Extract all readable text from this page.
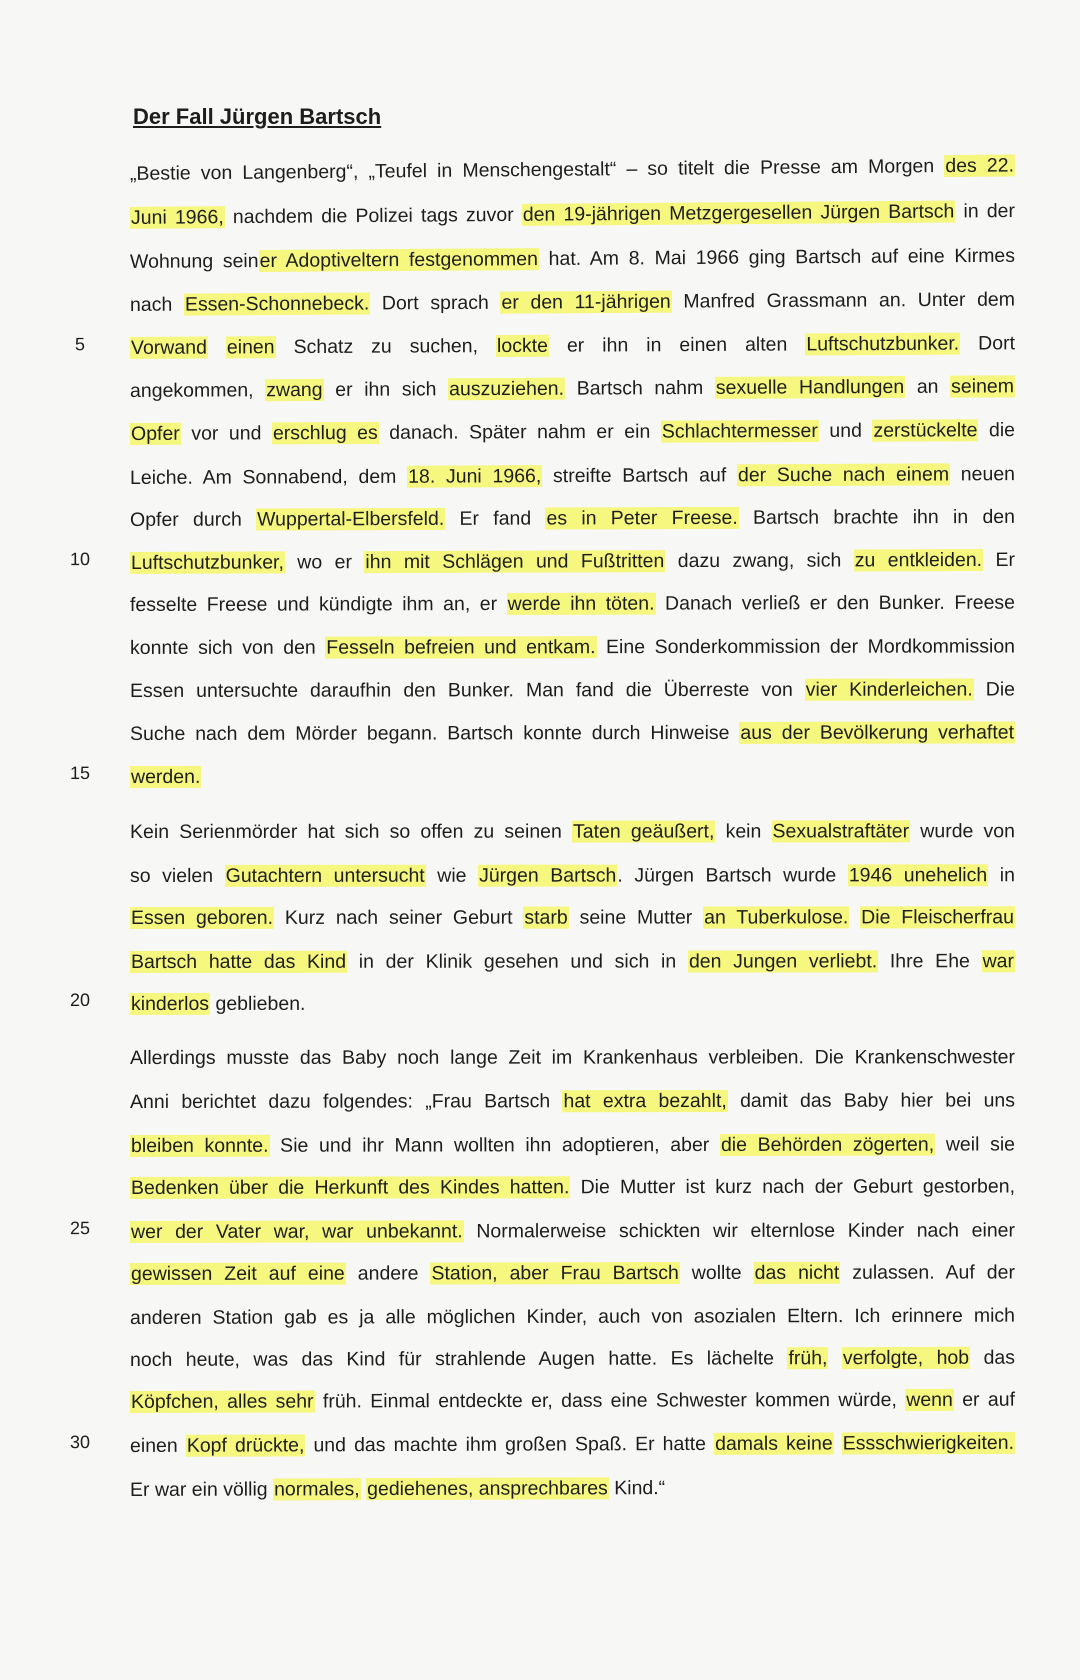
Der Fall Jürgen Bartsch
„Bestie von Langenberg“, „Teufel in Menschengestalt“ – so titelt die Presse am Morgen des 22.
Juni 1966, nachdem die Polizei tags zuvor den 19-jährigen Metzgergesellen Jürgen Bartsch in der
Wohnung seiner Adoptiveltern festgenommen hat. Am 8. Mai 1966 ging Bartsch auf eine Kirmes
nach Essen-Schonnebeck. Dort sprach er den 11-jährigen Manfred Grassmann an. Unter dem
5	Vorwand einen Schatz zu suchen, lockte er ihn in einen alten Luftschutzbunker. Dort
angekommen, zwang er ihn sich auszuziehen. Bartsch nahm sexuelle Handlungen an seinem
Opfer vor und erschlug es danach. Später nahm er ein Schlachtermesser und zerstückelte die
Leiche. Am Sonnabend, dem 18. Juni 1966, streifte Bartsch auf der Suche nach einem neuen
Opfer durch Wuppertal-Elbersfeld. Er fand es in Peter Freese. Bartsch brachte ihn in den
10	Luftschutzbunker, wo er ihn mit Schlägen und Fußtritten dazu zwang, sich zu entkleiden. Er
fesselte Freese und kündigte ihm an, er werde ihn töten. Danach verließ er den Bunker. Freese
konnte sich von den Fesseln befreien und entkam. Eine Sonderkommission der Mordkommission
Essen untersuchte daraufhin den Bunker. Man fand die Überreste von vier Kinderleichen. Die
Suche nach dem Mörder begann. Bartsch konnte durch Hinweise aus der Bevölkerung verhaftet
15	werden.
Kein Serienmörder hat sich so offen zu seinen Taten geäußert, kein Sexualstraftäter wurde von
so vielen Gutachtern untersucht wie Jürgen Bartsch. Jürgen Bartsch wurde 1946 unehelich in
Essen geboren. Kurz nach seiner Geburt starb seine Mutter an Tuberkulose. Die Fleischerfrau
Bartsch hatte das Kind in der Klinik gesehen und sich in den Jungen verliebt. Ihre Ehe war
20	kinderlos geblieben.
Allerdings musste das Baby noch lange Zeit im Krankenhaus verbleiben. Die Krankenschwester
Anni berichtet dazu folgendes: „Frau Bartsch hat extra bezahlt, damit das Baby hier bei uns
bleiben konnte. Sie und ihr Mann wollten ihn adoptieren, aber die Behörden zögerten, weil sie
Bedenken über die Herkunft des Kindes hatten. Die Mutter ist kurz nach der Geburt gestorben,
25	wer der Vater war, war unbekannt. Normalerweise schickten wir elternlose Kinder nach einer
gewissen Zeit auf eine andere Station, aber Frau Bartsch wollte das nicht zulassen. Auf der
anderen Station gab es ja alle möglichen Kinder, auch von asozialen Eltern. Ich erinnere mich
noch heute, was das Kind für strahlende Augen hatte. Es lächelte früh, verfolgte, hob das
Köpfchen, alles sehr früh. Einmal entdeckte er, dass eine Schwester kommen würde, wenn er auf
30	einen Kopf drückte, und das machte ihm großen Spaß. Er hatte damals keine Essschwierigkeiten.
Er war ein völlig normales, gediehenes, ansprechbares Kind.“
